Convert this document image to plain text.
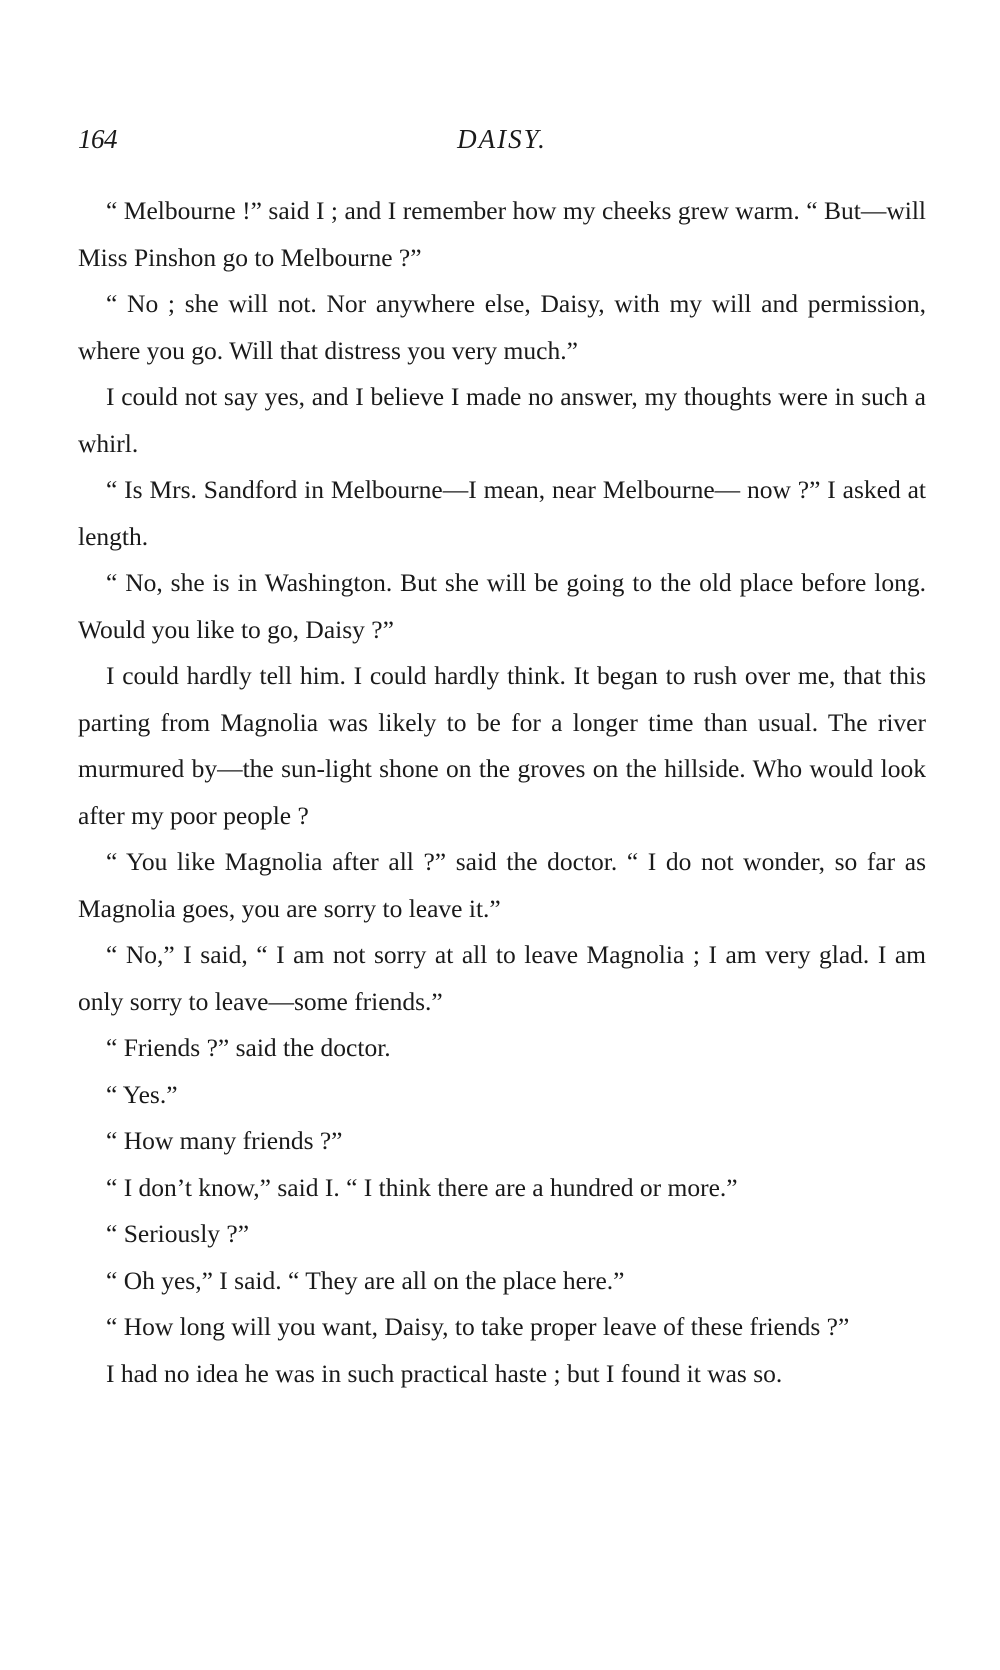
164	DAISY.

“ Melbourne !” said I ; and I remember how my cheeks grew warm. “ But—will Miss Pinshon go to Melbourne ?”

“ No ; she will not. Nor anywhere else, Daisy, with my will and permission, where you go. Will that distress you very much.”

I could not say yes, and I believe I made no answer, my thoughts were in such a whirl.

“ Is Mrs. Sandford in Melbourne—I mean, near Melbourne— now ?” I asked at length.

“ No, she is in Washington. But she will be going to the old place before long. Would you like to go, Daisy ?”

I could hardly tell him. I could hardly think. It began to rush over me, that this parting from Magnolia was likely to be for a longer time than usual. The river murmured by—the sun-light shone on the groves on the hillside. Who would look after my poor people ?

“ You like Magnolia after all ?” said the doctor. “ I do not wonder, so far as Magnolia goes, you are sorry to leave it.”

“ No,” I said, “ I am not sorry at all to leave Magnolia ; I am very glad. I am only sorry to leave—some friends.”

“ Friends ?” said the doctor.

“ Yes.”

“ How many friends ?”

“ I don’t know,” said I. “ I think there are a hundred or more.”

“ Seriously ?”

“ Oh yes,” I said. “ They are all on the place here.”

“ How long will you want, Daisy, to take proper leave of these friends ?”

I had no idea he was in such practical haste ; but I found it was so.
